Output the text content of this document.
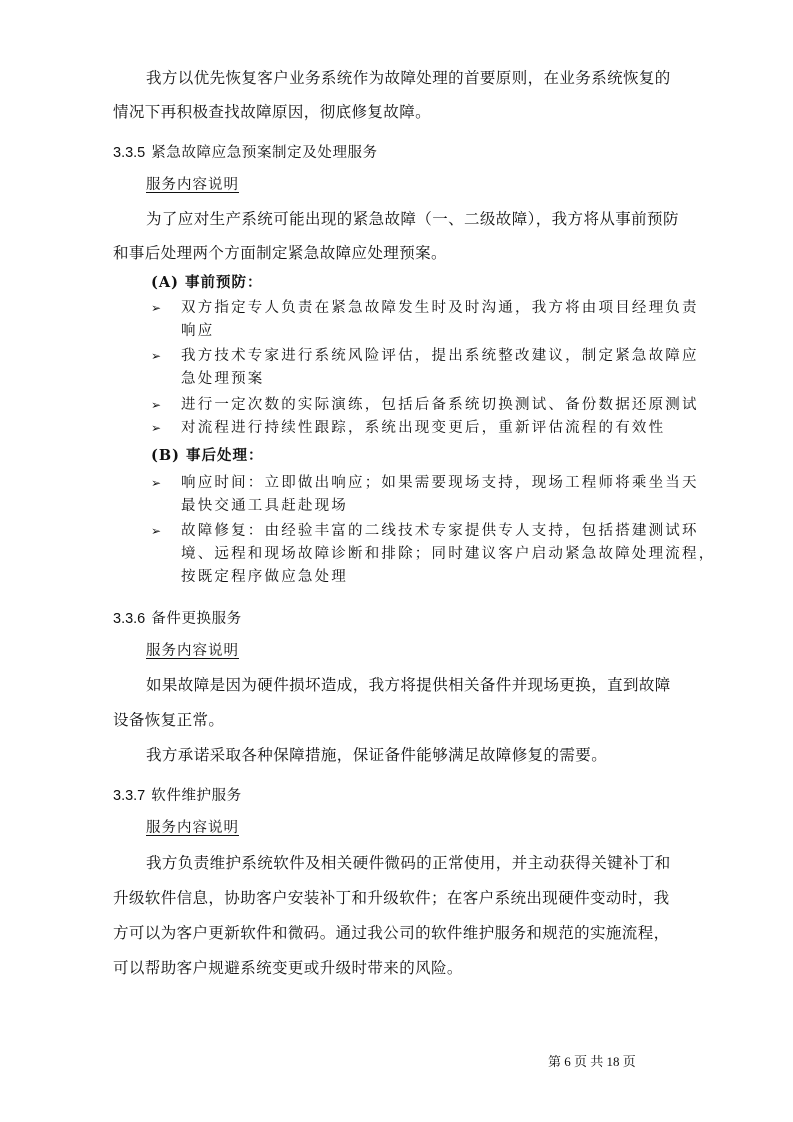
我方以优先恢复客户业务系统作为故障处理的首要原则，在业务系统恢复的
情况下再积极查找故障原因，彻底修复故障。
3.3.5 紧急故障应急预案制定及处理服务
服务内容说明
为了应对生产系统可能出现的紧急故障（一、二级故障），我方将从事前预防
和事后处理两个方面制定紧急故障应处理预案。
(A) 事前预防：
➢ 双方指定专人负责在紧急故障发生时及时沟通，我方将由项目经理负责
响应
➢ 我方技术专家进行系统风险评估，提出系统整改建议，制定紧急故障应
急处理预案
➢ 进行一定次数的实际演练，包括后备系统切换测试、备份数据还原测试
➢ 对流程进行持续性跟踪，系统出现变更后，重新评估流程的有效性
(B) 事后处理：
➢ 响应时间：立即做出响应；如果需要现场支持，现场工程师将乘坐当天
最快交通工具赶赴现场
➢ 故障修复：由经验丰富的二线技术专家提供专人支持，包括搭建测试环
境、远程和现场故障诊断和排除；同时建议客户启动紧急故障处理流程，
按既定程序做应急处理
3.3.6 备件更换服务
服务内容说明
如果故障是因为硬件损坏造成，我方将提供相关备件并现场更换，直到故障
设备恢复正常。
我方承诺采取各种保障措施，保证备件能够满足故障修复的需要。
3.3.7 软件维护服务
服务内容说明
我方负责维护系统软件及相关硬件微码的正常使用，并主动获得关键补丁和
升级软件信息，协助客户安装补丁和升级软件；在客户系统出现硬件变动时，我
方可以为客户更新软件和微码。通过我公司的软件维护服务和规范的实施流程，
可以帮助客户规避系统变更或升级时带来的风险。
第 6 页 共 18 页
